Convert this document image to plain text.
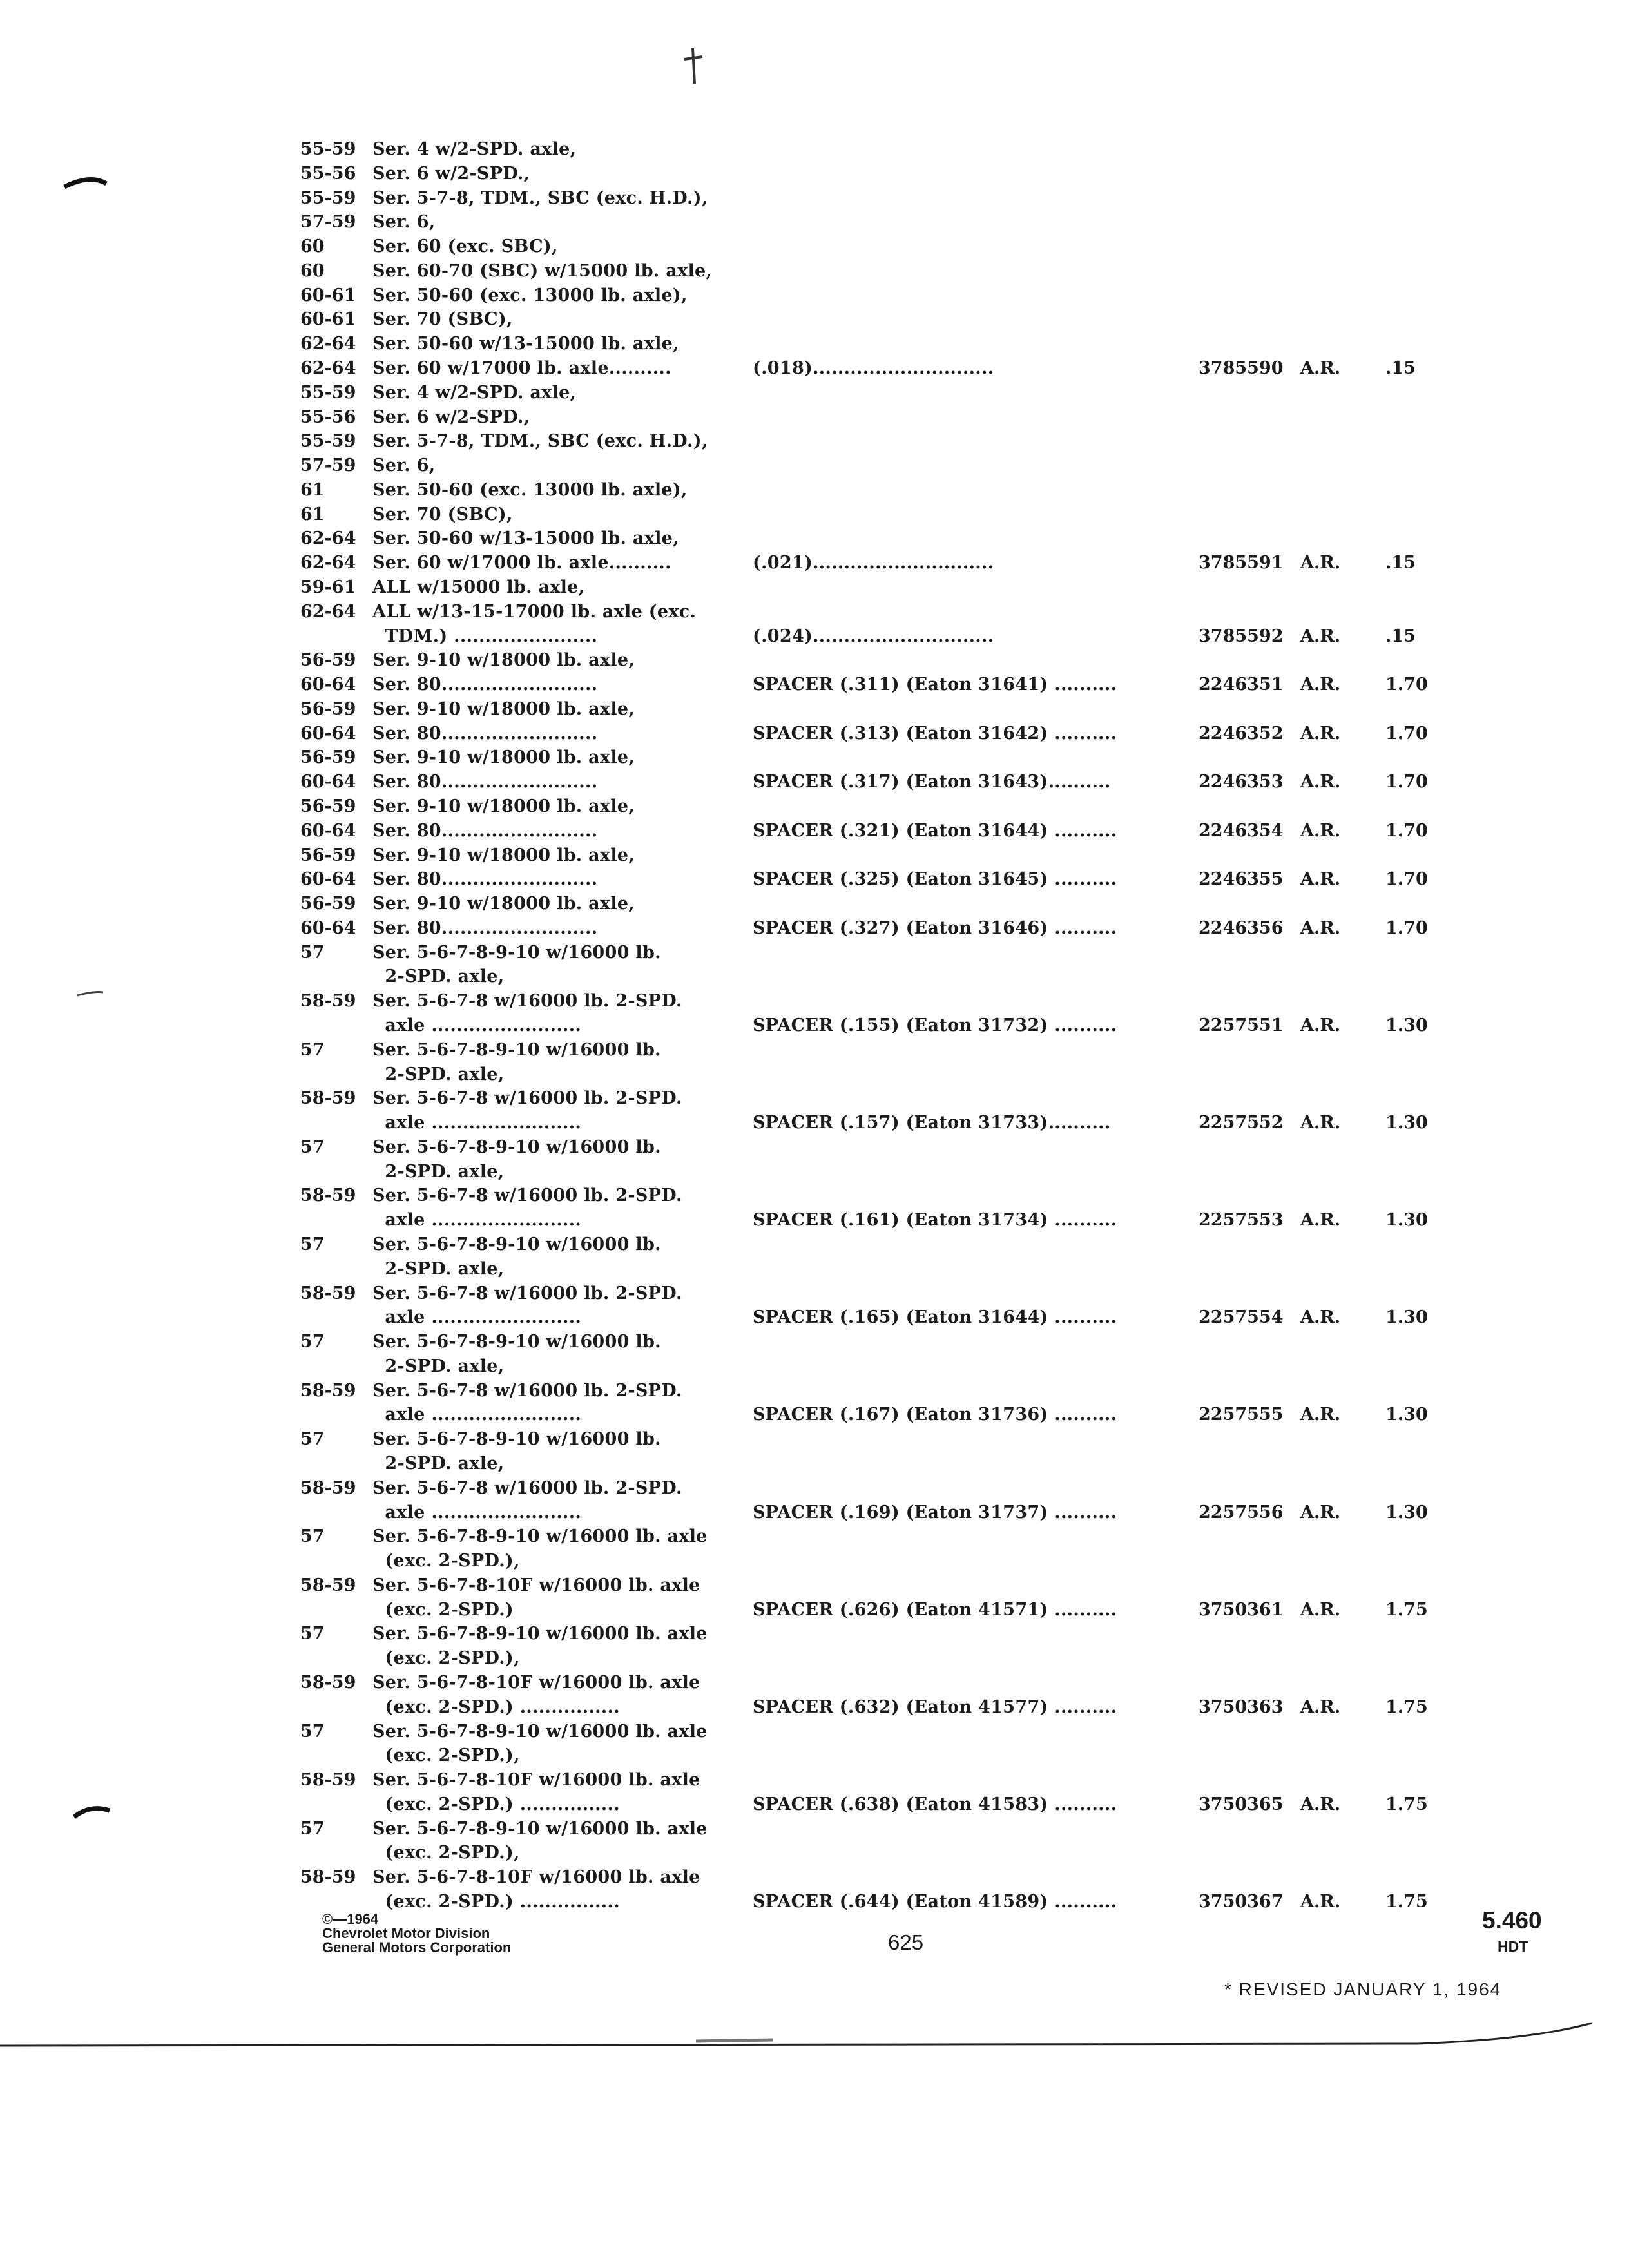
55-59 Ser. 4 w/2-SPD. axle,
55-56 Ser. 6 w/2-SPD.,
55-59 Ser. 5-7-8, TDM., SBC (exc. H.D.),
57-59 Ser. 6,
60	Ser. 60 (exc. SBC),
60	Ser. 60-70 (SBC) w/15000 lb. axle,
60-61 Ser. 50-60 (exc. 13000 lb. axle),
60-61 Ser. 70 (SBC),
62-64 Ser. 50-60 w/13-15000 lb. axle,
62-64 Ser. 60 w/17000 lb. axle..........	(.018).............................	3785590 A.R.	.15
55-59 Ser. 4 w/2-SPD. axle,
55-56 Ser. 6 w/2-SPD.,
55-59 Ser. 5-7-8, TDM., SBC (exc. H.D.),
57-59 Ser. 6,
61	Ser. 50-60 (exc. 13000 lb. axle),
61	Ser. 70 (SBC),
62-64 Ser. 50-60 w/13-15000 lb. axle,
62-64 Ser. 60 w/17000 lb. axle..........	(.021).............................	3785591 A.R.	.15
59-61 ALL w/15000 lb. axle,
62-64 ALL w/13-15-17000 lb. axle (exc.
TDM.) .......................	(.024).............................	3785592 A.R.	.15
56-59 Ser. 9-10 w/18000 lb. axle,
60-64 Ser. 80.........................	SPACER (.311) (Eaton 31641) ..........	2246351 A.R.	1.70
56-59 Ser. 9-10 w/18000 lb. axle,
60-64 Ser. 80.........................	SPACER (.313) (Eaton 31642) ..........	2246352 A.R.	1.70
56-59 Ser. 9-10 w/18000 lb. axle,
60-64 Ser. 80.........................	SPACER (.317) (Eaton 31643)..........	2246353 A.R.	1.70
56-59 Ser. 9-10 w/18000 lb. axle,
60-64 Ser. 80.........................	SPACER (.321) (Eaton 31644) ..........	2246354 A.R.	1.70
56-59 Ser. 9-10 w/18000 lb. axle,
60-64 Ser. 80.........................	SPACER (.325) (Eaton 31645) ..........	2246355 A.R.	1.70
56-59 Ser. 9-10 w/18000 lb. axle,
60-64 Ser. 80.........................	SPACER (.327) (Eaton 31646) ..........	2246356 A.R.	1.70
57	Ser. 5-6-7-8-9-10 w/16000 lb.
2-SPD. axle,
58-59 Ser. 5-6-7-8 w/16000 lb. 2-SPD.
axle ........................	SPACER (.155) (Eaton 31732) ..........	2257551 A.R.	1.30
57	Ser. 5-6-7-8-9-10 w/16000 lb.
2-SPD. axle,
58-59 Ser. 5-6-7-8 w/16000 lb. 2-SPD.
axle ........................	SPACER (.157) (Eaton 31733)..........	2257552 A.R.	1.30
57	Ser. 5-6-7-8-9-10 w/16000 lb.
2-SPD. axle,
58-59 Ser. 5-6-7-8 w/16000 lb. 2-SPD.
axle ........................	SPACER (.161) (Eaton 31734) ..........	2257553 A.R.	1.30
57	Ser. 5-6-7-8-9-10 w/16000 lb.
2-SPD. axle,
58-59 Ser. 5-6-7-8 w/16000 lb. 2-SPD.
axle ........................	SPACER (.165) (Eaton 31644) ..........	2257554 A.R.	1.30
57	Ser. 5-6-7-8-9-10 w/16000 lb.
2-SPD. axle,
58-59 Ser. 5-6-7-8 w/16000 lb. 2-SPD.
axle ........................	SPACER (.167) (Eaton 31736) ..........	2257555 A.R.	1.30
57	Ser. 5-6-7-8-9-10 w/16000 lb.
2-SPD. axle,
58-59 Ser. 5-6-7-8 w/16000 lb. 2-SPD.
axle ........................	SPACER (.169) (Eaton 31737) ..........	2257556 A.R.	1.30
57	Ser. 5-6-7-8-9-10 w/16000 lb. axle
(exc. 2-SPD.),
58-59 Ser. 5-6-7-8-10F w/16000 lb. axle
(exc. 2-SPD.)	SPACER (.626) (Eaton 41571) ..........	3750361 A.R.	1.75
57	Ser. 5-6-7-8-9-10 w/16000 lb. axle
(exc. 2-SPD.),
58-59 Ser. 5-6-7-8-10F w/16000 lb. axle
(exc. 2-SPD.) ................	SPACER (.632) (Eaton 41577) ..........	3750363 A.R.	1.75
57	Ser. 5-6-7-8-9-10 w/16000 lb. axle
(exc. 2-SPD.),
58-59 Ser. 5-6-7-8-10F w/16000 lb. axle
(exc. 2-SPD.) ................	SPACER (.638) (Eaton 41583) ..........	3750365 A.R.	1.75
57	Ser. 5-6-7-8-9-10 w/16000 lb. axle
(exc. 2-SPD.),
58-59 Ser. 5-6-7-8-10F w/16000 lb. axle
(exc. 2-SPD.) ................	SPACER (.644) (Eaton 41589) ..........	3750367 A.R.	1.75
©—1964
Chevrolet Motor Division
General Motors Corporation	625
5.460
HDT
* REVISED JANUARY 1, 1964
